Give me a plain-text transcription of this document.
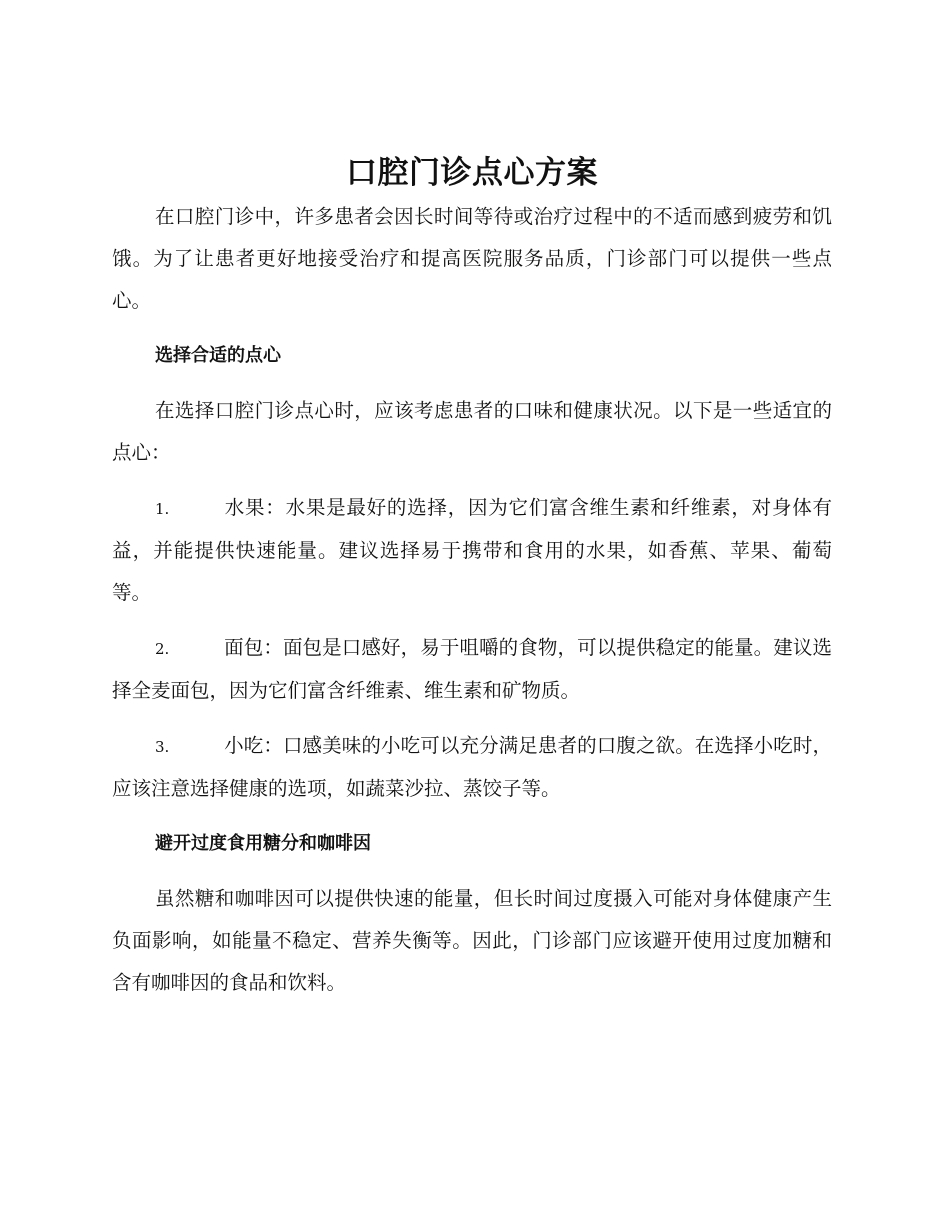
口腔门诊点心方案

在口腔门诊中，许多患者会因长时间等待或治疗过程中的不适而感到疲劳和饥饿。为了让患者更好地接受治疗和提高医院服务品质，门诊部门可以提供一些点心。

选择合适的点心

在选择口腔门诊点心时，应该考虑患者的口味和健康状况。以下是一些适宜的点心：

1.	水果：水果是最好的选择，因为它们富含维生素和纤维素，对身体有益，并能提供快速能量。建议选择易于携带和食用的水果，如香蕉、苹果、葡萄等。

2.	面包：面包是口感好，易于咀嚼的食物，可以提供稳定的能量。建议选择全麦面包，因为它们富含纤维素、维生素和矿物质。

3.	小吃：口感美味的小吃可以充分满足患者的口腹之欲。在选择小吃时，应该注意选择健康的选项，如蔬菜沙拉、蒸饺子等。

避开过度食用糖分和咖啡因

虽然糖和咖啡因可以提供快速的能量，但长时间过度摄入可能对身体健康产生负面影响，如能量不稳定、营养失衡等。因此，门诊部门应该避开使用过度加糖和含有咖啡因的食品和饮料。
